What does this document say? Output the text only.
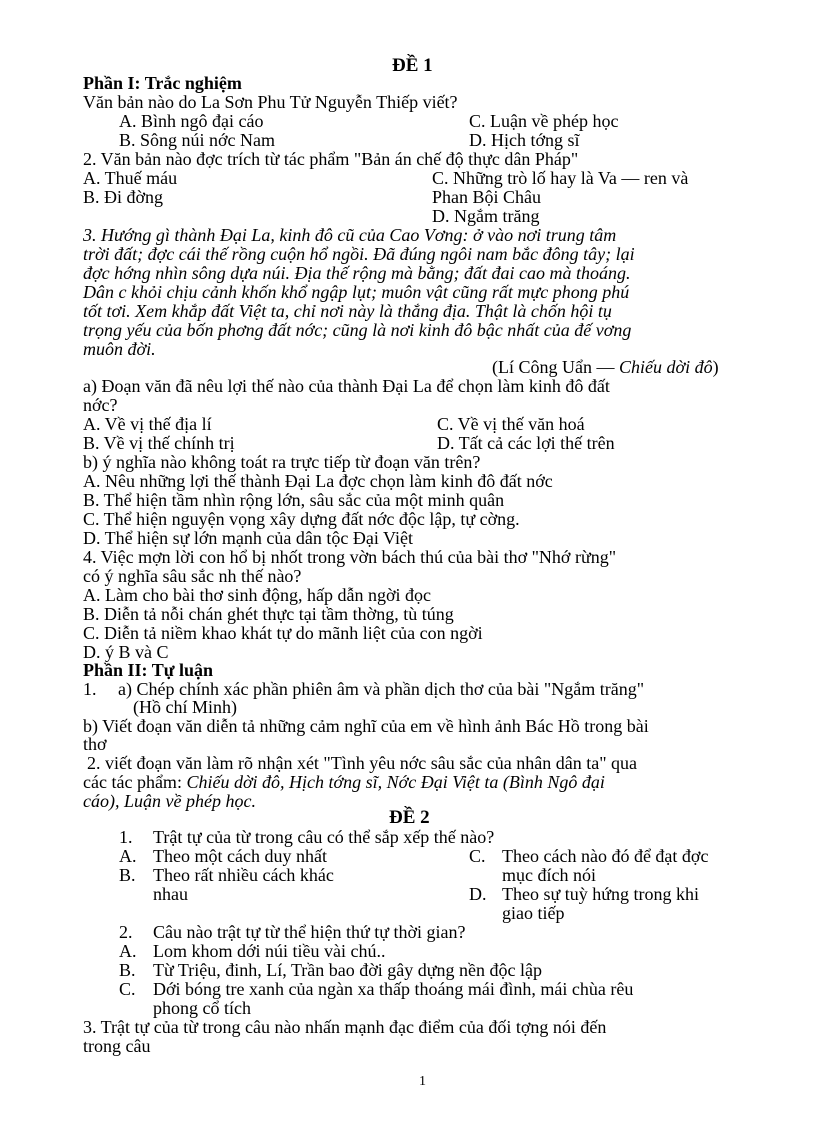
ĐỀ 1
Phần I: Trắc nghiệm
Văn bản nào do La Sơn Phu Tử Nguyễn Thiếp viết?
A. Bình ngô đại cáo	C. Luận về phép học
B. Sông núi nớc Nam	D. Hịch tớng sĩ
2. Văn bản nào đợc trích từ tác phẩm "Bản án chế độ thực dân Pháp"
A. Thuế máu	C. Những trò lố hay là Va — ren và
B. Đi đờng	Phan Bội Châu
D. Ngắm trăng
3. Hướng gì thành Đại La, kinh đô cũ của Cao Vơng: ở vào nơi trung tâm
trời đất; đợc cái thế rồng cuộn hổ ngồi. Đã đúng ngôi nam bắc đông tây; lại
đợc hớng nhìn sông dựa núi. Địa thế rộng mà bằng; đất đai cao mà thoáng.
Dân c khỏi chịu cảnh khốn khổ ngập lụt; muôn vật cũng rất mực phong phú
tốt tơi. Xem khắp đất Việt ta, chỉ nơi này là thắng địa. Thật là chốn hội tụ
trọng yếu của bốn phơng đất nớc; cũng là nơi kinh đô bậc nhất của đế vơng
muôn đời.
(Lí Công Uẩn — Chiếu dời đô)
a) Đoạn văn đã nêu lợi thế nào của thành Đại La để chọn làm kinh đô đất
nớc?
A. Về vị thế địa lí	C. Về vị thế văn hoá
B. Về vị thế chính trị	D. Tất cả các lợi thế trên
b) ý nghĩa nào không toát ra trực tiếp từ đoạn văn trên?
A. Nêu những lợi thế thành Đại La đợc chọn làm kinh đô đất nớc
B. Thể hiện tầm nhìn rộng lớn, sâu sắc của một minh quân
C. Thể hiện nguyện vọng xây dựng đất nớc độc lập, tự cờng.
D. Thể hiện sự lớn mạnh của dân tộc Đại Việt
4. Việc mợn lời con hổ bị nhốt trong vờn bách thú của bài thơ "Nhớ rừng"
có ý nghĩa sâu sắc nh thế nào?
A. Làm cho bài thơ sinh động, hấp dẫn ngời đọc
B. Diễn tả nỗi chán ghét thực tại tầm thờng, tù túng
C. Diễn tả niềm khao khát tự do mãnh liệt của con ngời
D. ý B và C
Phần II: Tự luận
1. a) Chép chính xác phần phiên âm và phần dịch thơ của bài "Ngắm trăng"
(Hồ chí Minh)
b) Viết đoạn văn diễn tả những cảm nghĩ của em về hình ảnh Bác Hồ trong bài
thơ
2. viết đoạn văn làm rõ nhận xét "Tình yêu nớc sâu sắc của nhân dân ta" qua
các tác phẩm: Chiếu dời đô, Hịch tớng sĩ, Nớc Đại Việt ta (Bình Ngô đại
cáo), Luận về phép học.
ĐỀ 2
1. Trật tự của từ trong câu có thể sắp xếp thế nào?
A. Theo một cách duy nhất	C. Theo cách nào đó để đạt đợc
mục đích nói
B. Theo rất nhiều cách khác
nhau	D. Theo sự tuỳ hứng trong khi
giao tiếp
2. Câu nào trật tự từ thể hiện thứ tự thời gian?
A. Lom khom dới núi tiều vài chú..
B. Từ Triệu, đinh, Lí, Trần bao đời gây dựng nền độc lập
C. Dới bóng tre xanh của ngàn xa thấp thoáng mái đình, mái chùa rêu
phong cổ tích
3. Trật tự của từ trong câu nào nhấn mạnh đạc điểm của đối tợng nói đến
trong câu
1
